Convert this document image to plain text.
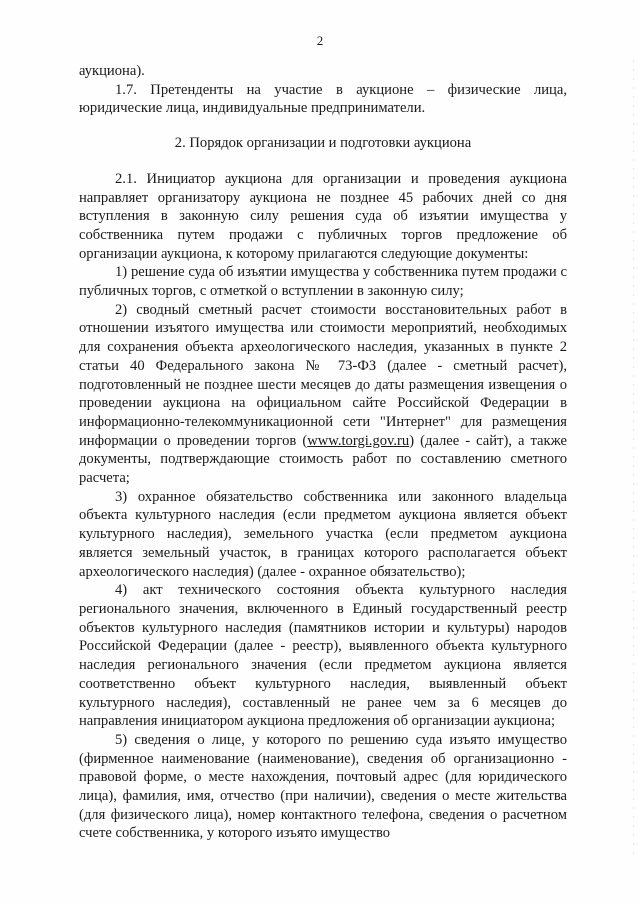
2

аукциона).

1.7. Претенденты на участие в аукционе – физические лица, юридические лица, индивидуальные предприниматели.

2. Порядок организации и подготовки аукциона

2.1. Инициатор аукциона для организации и проведения аукциона направляет организатору аукциона не позднее 45 рабочих дней со дня вступления в законную силу решения суда об изъятии имущества у собственника путем продажи с публичных торгов предложение об организации аукциона, к которому прилагаются следующие документы:

1) решение суда об изъятии имущества у собственника путем продажи с публичных торгов, с отметкой о вступлении в законную силу;

2) сводный сметный расчет стоимости восстановительных работ в отношении изъятого имущества или стоимости мероприятий, необходимых для сохранения объекта археологического наследия, указанных в пункте 2 статьи 40 Федерального закона № 73-ФЗ (далее - сметный расчет), подготовленный не позднее шести месяцев до даты размещения извещения о проведении аукциона на официальном сайте Российской Федерации в информационно-телекоммуникационной сети "Интернет" для размещения информации о проведении торгов (www.torgi.gov.ru) (далее - сайт), а также документы, подтверждающие стоимость работ по составлению сметного расчета;

3) охранное обязательство собственника или законного владельца объекта культурного наследия (если предметом аукциона является объект культурного наследия), земельного участка (если предметом аукциона является земельный участок, в границах которого располагается объект археологического наследия) (далее - охранное обязательство);

4) акт технического состояния объекта культурного наследия регионального значения, включенного в Единый государственный реестр объектов культурного наследия (памятников истории и культуры) народов Российской Федерации (далее - реестр), выявленного объекта культурного наследия регионального значения (если предметом аукциона является соответственно объект культурного наследия, выявленный объект культурного наследия), составленный не ранее чем за 6 месяцев до направления инициатором аукциона предложения об организации аукциона;

5) сведения о лице, у которого по решению суда изъято имущество (фирменное наименование (наименование), сведения об организационно - правовой форме, о месте нахождения, почтовый адрес (для юридического лица), фамилия, имя, отчество (при наличии), сведения о месте жительства (для физического лица), номер контактного телефона, сведения о расчетном счете собственника, у которого изъято имущество
